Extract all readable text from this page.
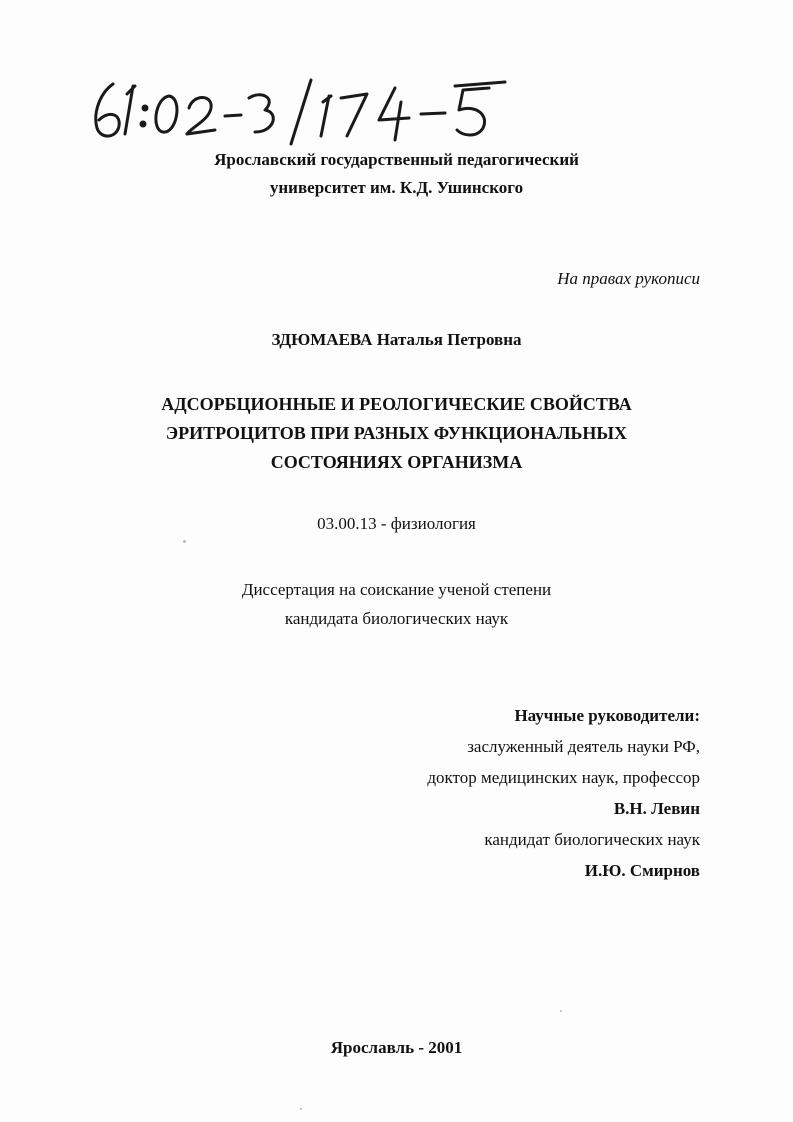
Ярославский государственный педагогический
университет им. К.Д. Ушинского
На правах рукописи
ЗДЮМАЕВА Наталья Петровна
АДСОРБЦИОННЫЕ И РЕОЛОГИЧЕСКИЕ СВОЙСТВА
ЭРИТРОЦИТОВ ПРИ РАЗНЫХ ФУНКЦИОНАЛЬНЫХ
СОСТОЯНИЯХ ОРГАНИЗМА
03.00.13 - физиология
Диссертация на соискание ученой степени
кандидата биологических наук
Научные руководители:
заслуженный деятель науки РФ,
доктор медицинских наук, профессор
В.Н. Левин
кандидат биологических наук
И.Ю. Смирнов
Ярославль - 2001
